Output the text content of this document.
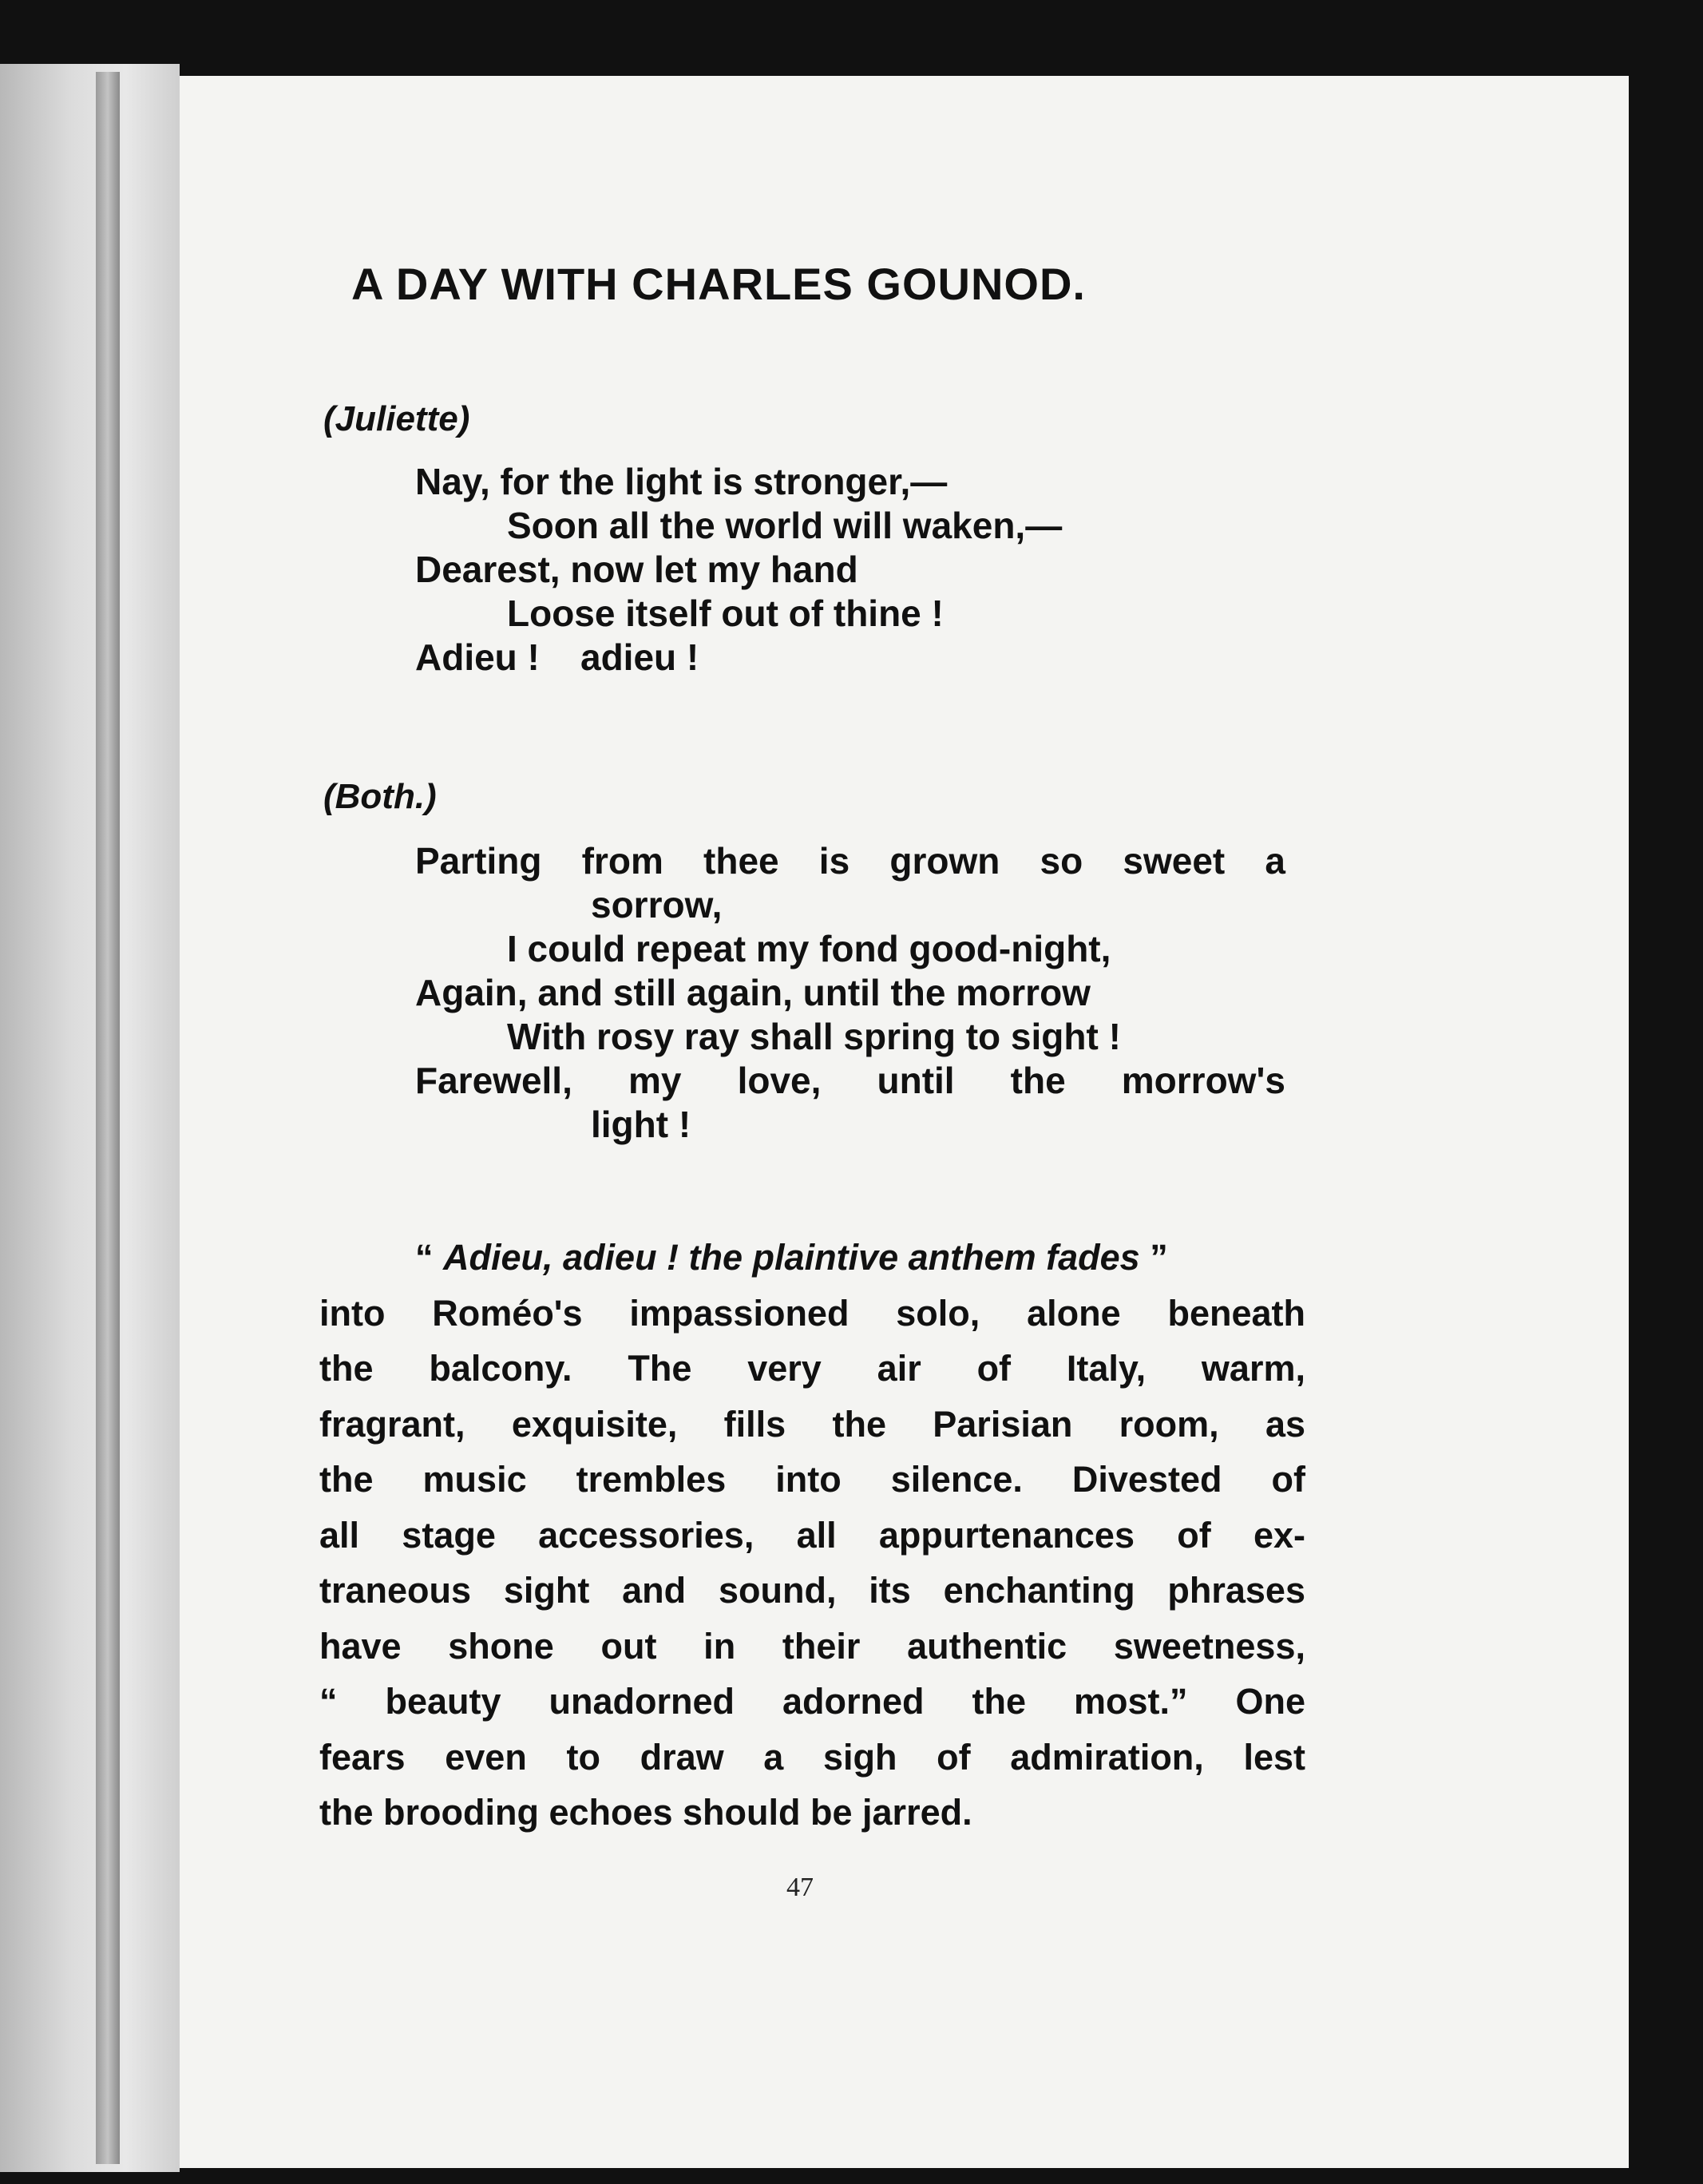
A DAY WITH CHARLES GOUNOD.
(Juliette)
Nay, for the light is stronger,—
Soon all the world will waken,—
Dearest, now let my hand
Loose itself out of thine !
Adieu !    adieu !
(Both.)
Parting from thee is grown so sweet a
sorrow,
I could repeat my fond good-night,
Again, and still again, until the morrow
With rosy ray shall spring to sight !
Farewell, my love, until the morrow's
light !
“ Adieu, adieu ! the plaintive anthem fades ”
into Roméo's impassioned solo, alone beneath
the balcony. The very air of Italy, warm,
fragrant, exquisite, fills the Parisian room, as
the music trembles into silence. Divested of
all stage accessories, all appurtenances of ex-
traneous sight and sound, its enchanting phrases
have shone out in their authentic sweetness,
“ beauty unadorned adorned the most.” One
fears even to draw a sigh of admiration, lest
the brooding echoes should be jarred.
47
